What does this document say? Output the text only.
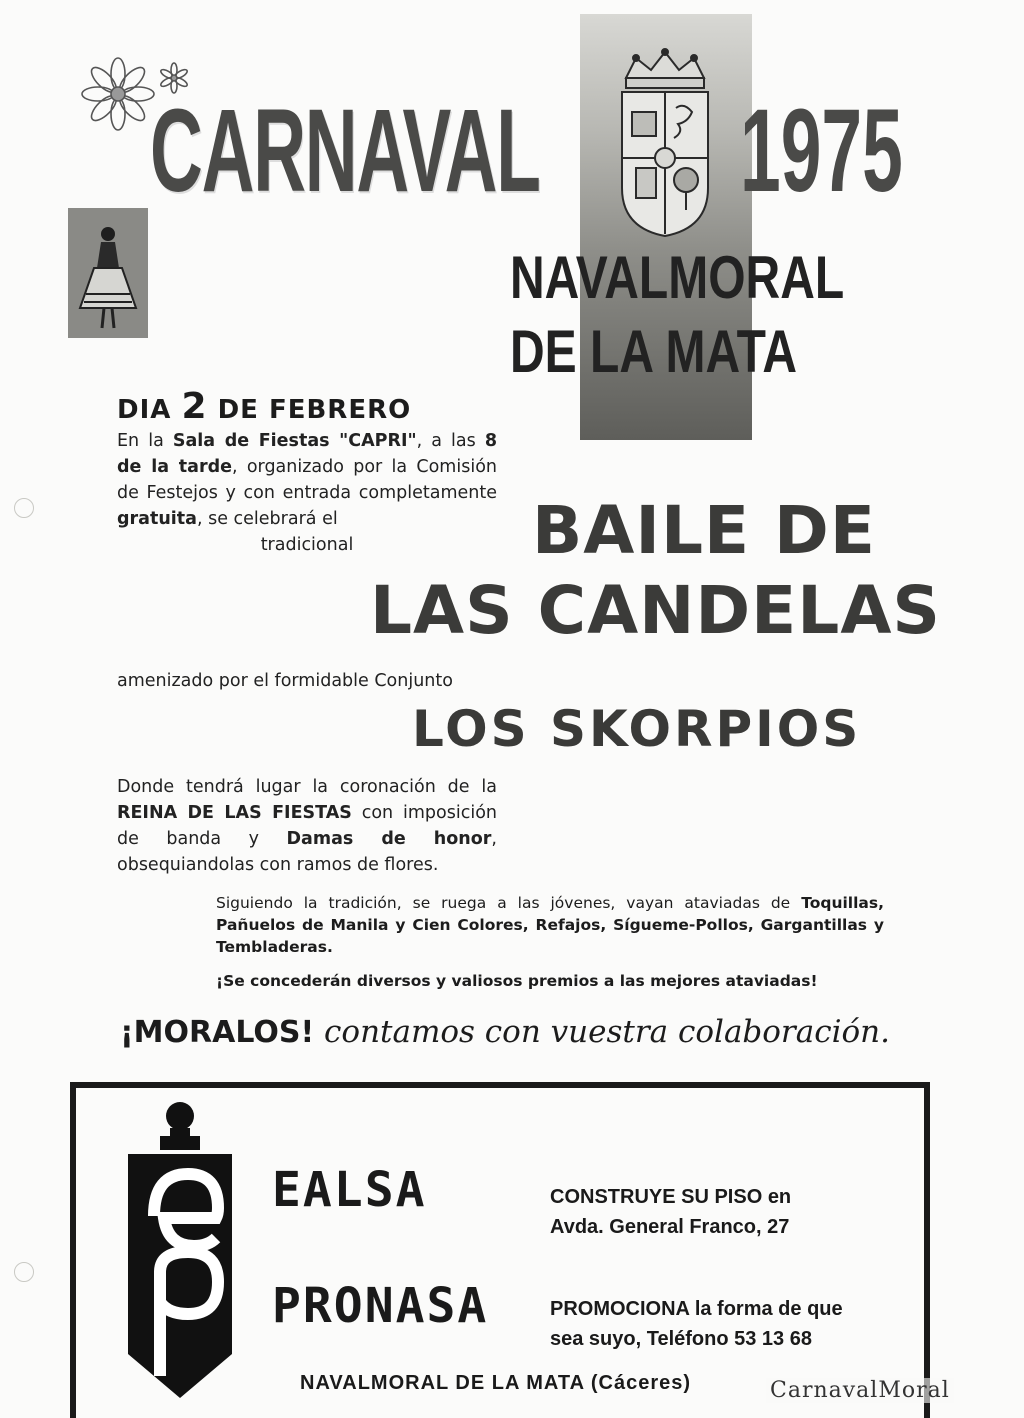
CARNAVAL 1975
NAVALMORAL
DE LA MATA
DIA 2 DE FEBRERO
En la Sala de Fiestas "CAPRI", a las 8 de la tarde, organizado por la Comisión de Festejos y con entrada completamente gratuita, se celebrará el
tradicional	BAILE DE
LAS CANDELAS
amenizado por el formidable Conjunto
LOS SKORPIOS
Donde tendrá lugar la coronación de la REINA DE LAS FIESTAS con imposición de banda y Damas de honor, obsequiandolas con ramos de flores.
Siguiendo la tradición, se ruega a las jóvenes, vayan ataviadas de Toquillas, Pañuelos de Manila y Cien Colores, Refajos, Sígueme-Pollos, Gargantillas y Tembladeras.
¡Se concederán diversos y valiosos premios a las mejores ataviadas!
¡MORALOS! contamos con vuestra colaboración.
EALSA
PRONASA
CONSTRUYE SU PISO en
Avda. General Franco, 27
PROMOCIONA la forma de que
sea suyo, Teléfono 53 13 68
NAVALMORAL DE LA MATA (Cáceres)	CarnavalMoral
